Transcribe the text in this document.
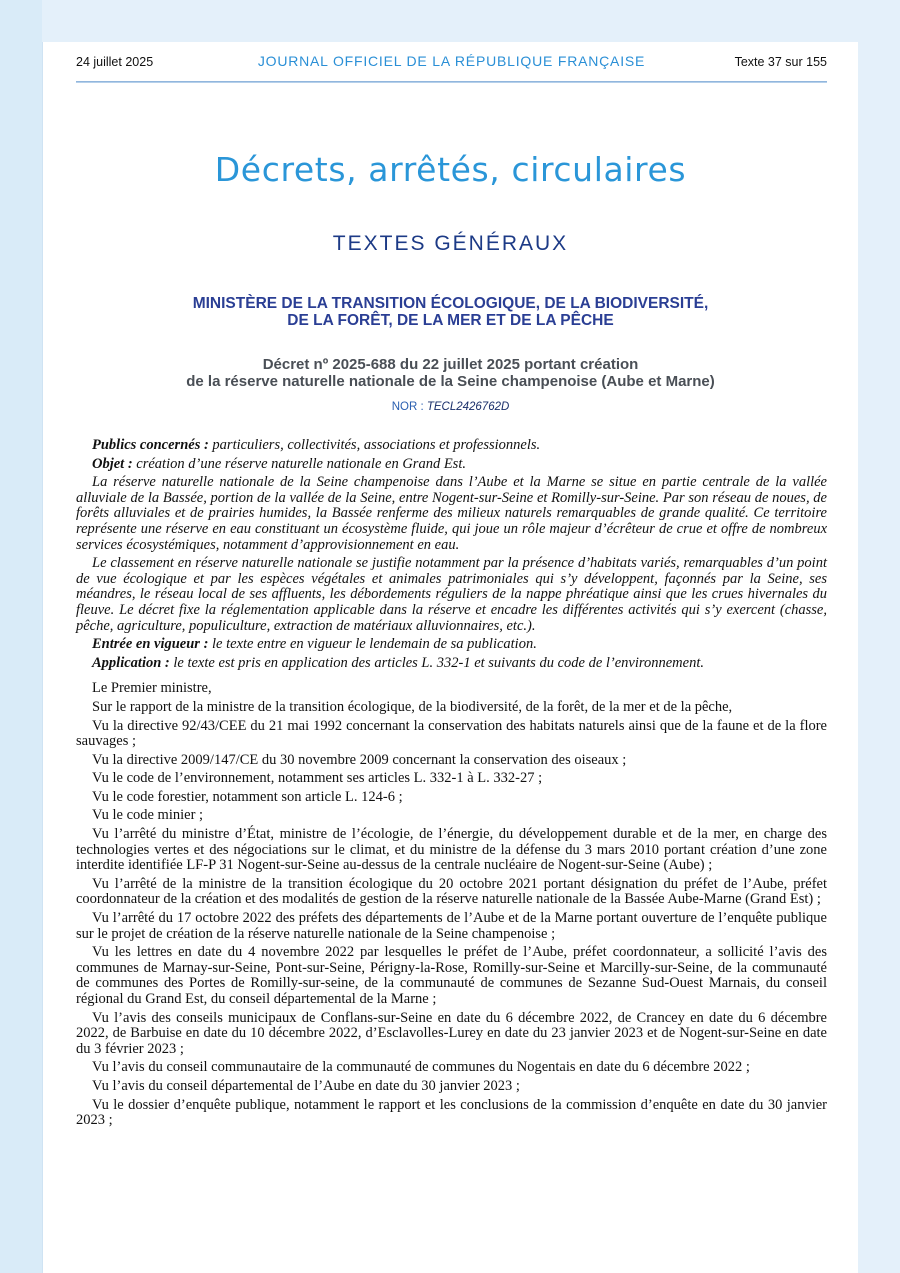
24 juillet 2025	JOURNAL OFFICIEL DE LA RÉPUBLIQUE FRANÇAISE	Texte 37 sur 155
Décrets, arrêtés, circulaires
TEXTES GÉNÉRAUX
MINISTÈRE DE LA TRANSITION ÉCOLOGIQUE, DE LA BIODIVERSITÉ,
DE LA FORÊT, DE LA MER ET DE LA PÊCHE
Décret nº 2025-688 du 22 juillet 2025 portant création
de la réserve naturelle nationale de la Seine champenoise (Aube et Marne)
NOR : TECL2426762D

Publics concernés : particuliers, collectivités, associations et professionnels.

Objet : création d’une réserve naturelle nationale en Grand Est.

La réserve naturelle nationale de la Seine champenoise dans l’Aube et la Marne se situe en partie centrale de la vallée alluviale de la Bassée, portion de la vallée de la Seine, entre Nogent-sur-Seine et Romilly-sur-Seine. Par son réseau de noues, de forêts alluviales et de prairies humides, la Bassée renferme des milieux naturels remarquables de grande qualité. Ce territoire représente une réserve en eau constituant un écosystème fluide, qui joue un rôle majeur d’écrêteur de crue et offre de nombreux services écosystémiques, notamment d’approvisionnement en eau.

Le classement en réserve naturelle nationale se justifie notamment par la présence d’habitats variés, remarquables d’un point de vue écologique et par les espèces végétales et animales patrimoniales qui s’y développent, façonnés par la Seine, ses méandres, le réseau local de ses affluents, les débordements réguliers de la nappe phréatique ainsi que les crues hivernales du fleuve. Le décret fixe la réglementation applicable dans la réserve et encadre les différentes activités qui s’y exercent (chasse, pêche, agriculture, populiculture, extraction de matériaux alluvionnaires, etc.).

Entrée en vigueur : le texte entre en vigueur le lendemain de sa publication.

Application : le texte est pris en application des articles L. 332-1 et suivants du code de l’environnement.

Le Premier ministre,

Sur le rapport de la ministre de la transition écologique, de la biodiversité, de la forêt, de la mer et de la pêche,

Vu la directive 92/43/CEE du 21 mai 1992 concernant la conservation des habitats naturels ainsi que de la faune et de la flore sauvages ;

Vu la directive 2009/147/CE du 30 novembre 2009 concernant la conservation des oiseaux ;

Vu le code de l’environnement, notamment ses articles L. 332-1 à L. 332-27 ;

Vu le code forestier, notamment son article L. 124-6 ;

Vu le code minier ;

Vu l’arrêté du ministre d’État, ministre de l’écologie, de l’énergie, du développement durable et de la mer, en charge des technologies vertes et des négociations sur le climat, et du ministre de la défense du 3 mars 2010 portant création d’une zone interdite identifiée LF-P 31 Nogent-sur-Seine au-dessus de la centrale nucléaire de Nogent-sur-Seine (Aube) ;

Vu l’arrêté de la ministre de la transition écologique du 20 octobre 2021 portant désignation du préfet de l’Aube, préfet coordonnateur de la création et des modalités de gestion de la réserve naturelle nationale de la Bassée Aube-Marne (Grand Est) ;

Vu l’arrêté du 17 octobre 2022 des préfets des départements de l’Aube et de la Marne portant ouverture de l’enquête publique sur le projet de création de la réserve naturelle nationale de la Seine champenoise ;

Vu les lettres en date du 4 novembre 2022 par lesquelles le préfet de l’Aube, préfet coordonnateur, a sollicité l’avis des communes de Marnay-sur-Seine, Pont-sur-Seine, Périgny-la-Rose, Romilly-sur-Seine et Marcilly-sur-Seine, de la communauté de communes des Portes de Romilly-sur-seine, de la communauté de communes de Sezanne Sud-Ouest Marnais, du conseil régional du Grand Est, du conseil départemental de la Marne ;

Vu l’avis des conseils municipaux de Conflans-sur-Seine en date du 6 décembre 2022, de Crancey en date du 6 décembre 2022, de Barbuise en date du 10 décembre 2022, d’Esclavolles-Lurey en date du 23 janvier 2023 et de Nogent-sur-Seine en date du 3 février 2023 ;

Vu l’avis du conseil communautaire de la communauté de communes du Nogentais en date du 6 décembre 2022 ;

Vu l’avis du conseil départemental de l’Aube en date du 30 janvier 2023 ;

Vu le dossier d’enquête publique, notamment le rapport et les conclusions de la commission d’enquête en date du 30 janvier 2023 ;
